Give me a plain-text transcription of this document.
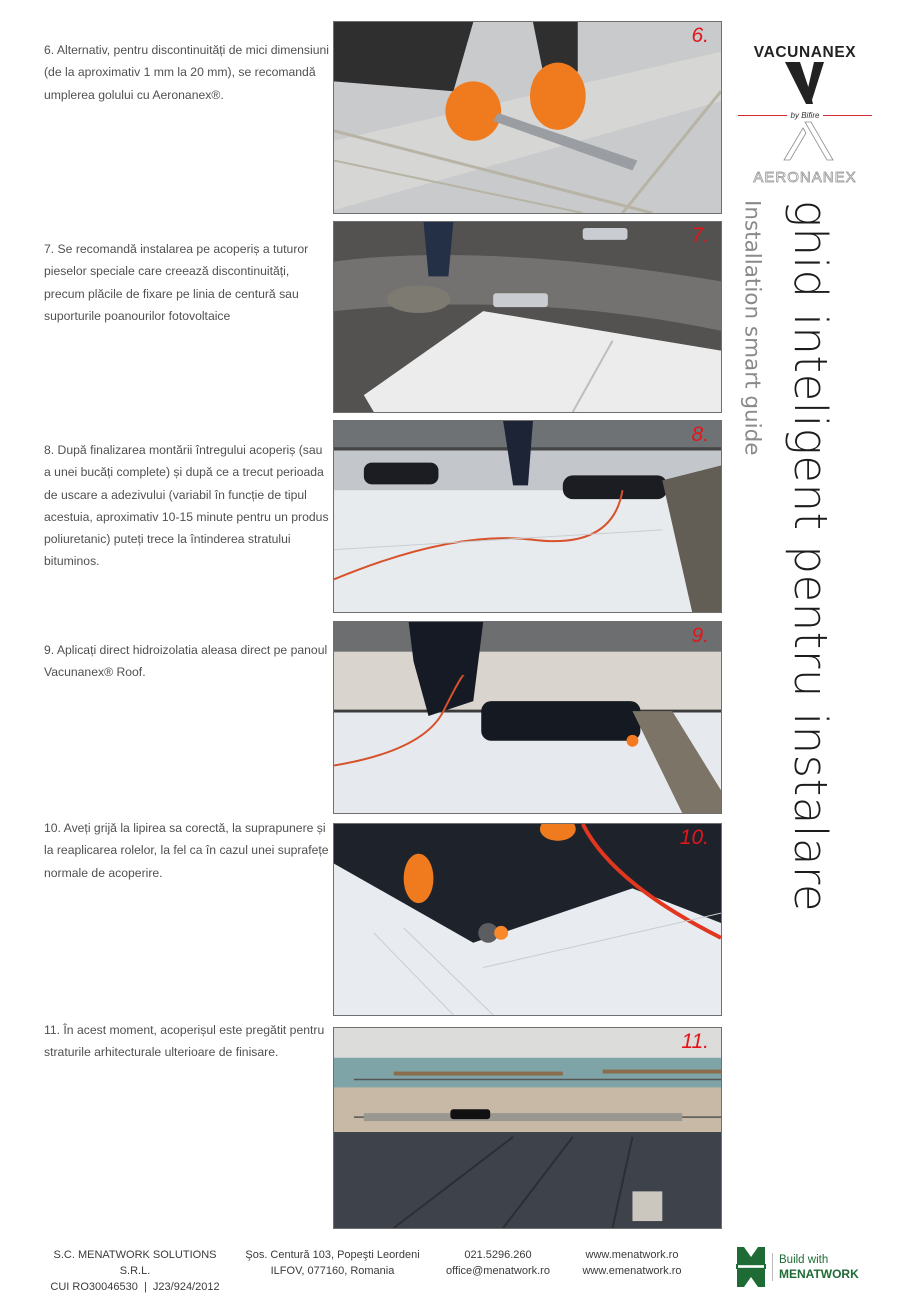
6. Alternativ, pentru discontinuități de mici dimensiuni (de la aproximativ 1 mm la 20 mm), se recomandă umplerea golului cu Aeronanex®.

7. Se recomandă instalarea pe acoperiș a tuturor pieselor speciale care creează discontinuități, precum plăcile de fixare pe linia de centură sau suporturile poanourilor fotovoltaice

8. După finalizarea montării întregului acoperiș (sau a unei bucăți complete) și după ce a trecut perioada de uscare a adezivului (variabil în funcție de tipul acestuia, aproximativ 10-15 minute pentru un produs poliuretanic) puteți trece la întinderea stratului bituminos.

9. Aplicați direct hidroizolatia aleasa direct pe panoul Vacunanex® Roof.

10. Aveți grijă la lipirea sa corectă, la suprapunere și la reaplicarea rolelor, la fel ca în cazul unei suprafețe normale de acoperire.

11. În acest moment, acoperișul este pregătit pentru straturile arhitecturale ulterioare de finisare.

6.
7.
8.
9.
10.
11.
VACUNANEX
by Bifire
AERONANEX
ghid inteligent pentru instalare
Installation smart guide
S.C. MENATWORK SOLUTIONS S.R.L.
CUI RO30046530  |  J23/924/2012
Şos. Centură 103, Popeşti Leordeni
ILFOV, 077160, Romania
021.5296.260
office@menatwork.ro
www.menatwork.ro
www.emenatwork.ro
Build with
MENATWORK
